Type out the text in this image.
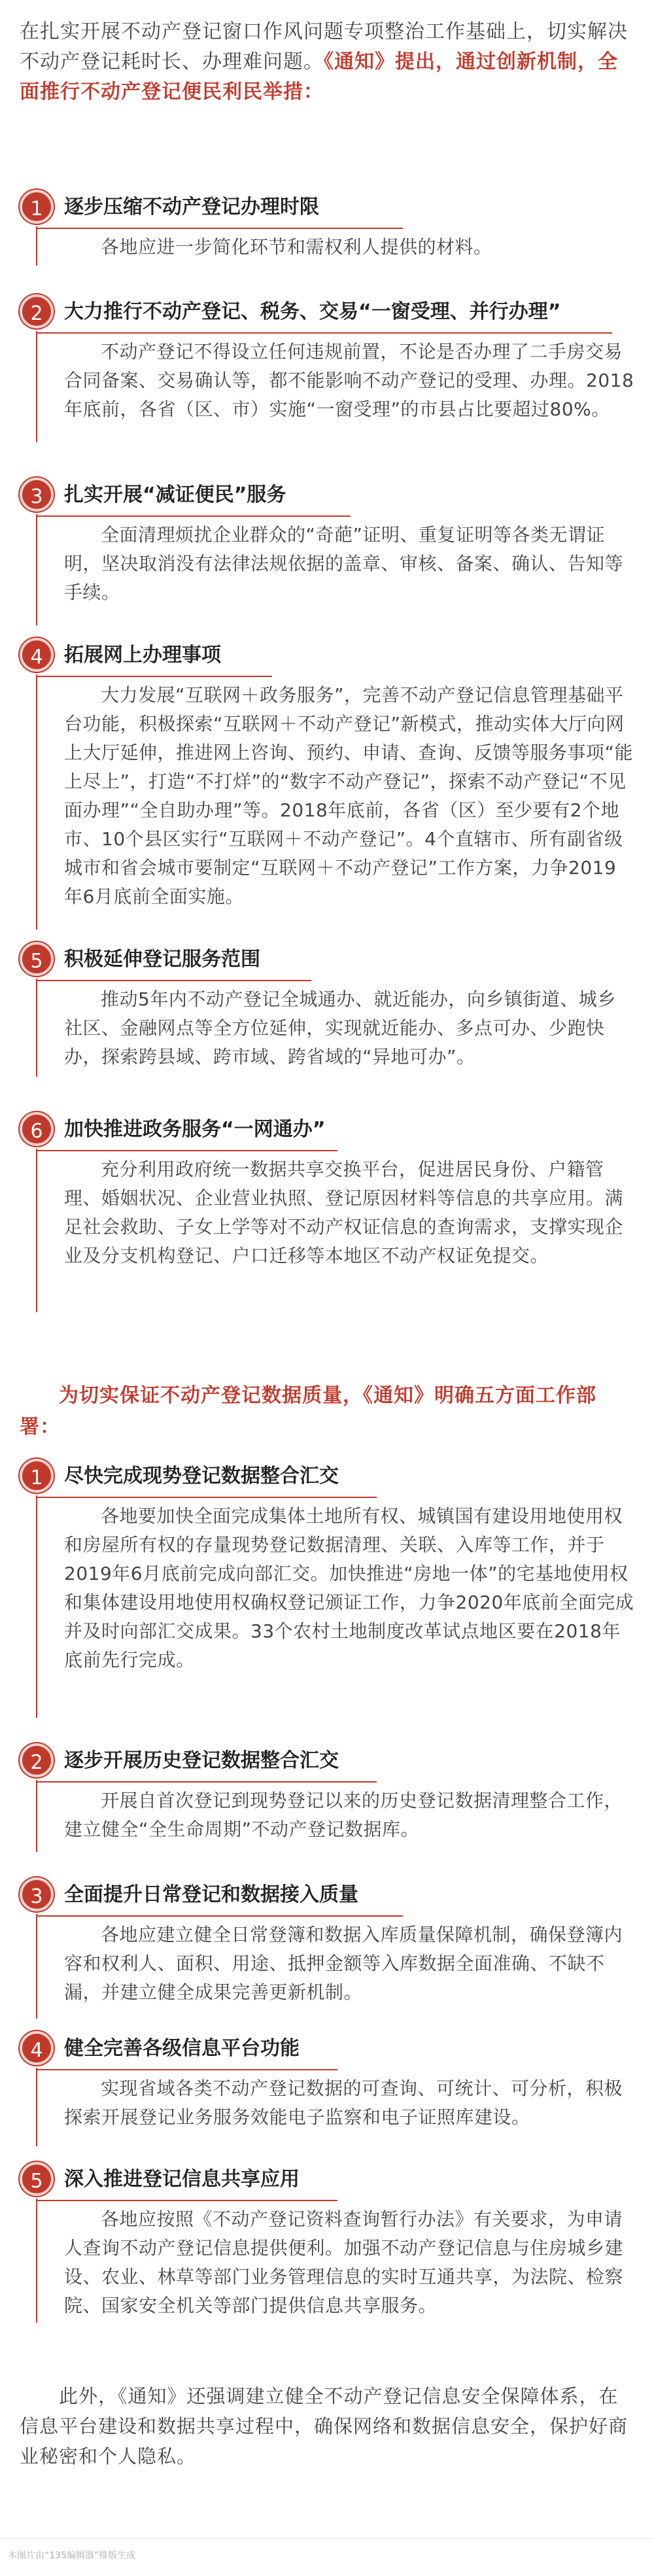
在扎实开展不动产登记窗口作风问题专项整治工作基础上，切实解决不动产登记耗时长、办理难问题。《通知》提出，通过创新机制，全面推行不动产登记便民利民举措：
1	逐步压缩不动产登记办理时限
各地应进一步简化环节和需权利人提供的材料。
2	大力推行不动产登记、税务、交易“一窗受理、并行办理”
不动产登记不得设立任何违规前置，不论是否办理了二手房交易合同备案、交易确认等，都不能影响不动产登记的受理、办理。2018年底前，各省（区、市）实施“一窗受理”的市县占比要超过80%。
3	扎实开展“减证便民”服务
全面清理烦扰企业群众的“奇葩”证明、重复证明等各类无谓证明，坚决取消没有法律法规依据的盖章、审核、备案、确认、告知等手续。
4	拓展网上办理事项
大力发展“互联网＋政务服务”，完善不动产登记信息管理基础平台功能，积极探索“互联网＋不动产登记”新模式，推动实体大厅向网上大厅延伸，推进网上咨询、预约、申请、查询、反馈等服务事项“能上尽上”，打造“不打烊”的“数字不动产登记”，探索不动产登记“不见面办理”“全自助办理”等。2018年底前，各省（区）至少要有2个地市、10个县区实行“互联网＋不动产登记”。4个直辖市、所有副省级城市和省会城市要制定“互联网＋不动产登记”工作方案，力争2019年6月底前全面实施。
5	积极延伸登记服务范围
推动5年内不动产登记全城通办、就近能办，向乡镇街道、城乡社区、金融网点等全方位延伸，实现就近能办、多点可办、少跑快办，探索跨县域、跨市域、跨省域的“异地可办”。
6	加快推进政务服务“一网通办”
充分利用政府统一数据共享交换平台，促进居民身份、户籍管理、婚姻状况、企业营业执照、登记原因材料等信息的共享应用。满足社会救助、子女上学等对不动产权证信息的查询需求，支撑实现企业及分支机构登记、户口迁移等本地区不动产权证免提交。
为切实保证不动产登记数据质量，《通知》明确五方面工作部署：
1	尽快完成现势登记数据整合汇交
各地要加快全面完成集体土地所有权、城镇国有建设用地使用权和房屋所有权的存量现势登记数据清理、关联、入库等工作，并于2019年6月底前完成向部汇交。加快推进“房地一体”的宅基地使用权和集体建设用地使用权确权登记颁证工作，力争2020年底前全面完成并及时向部汇交成果。33个农村土地制度改革试点地区要在2018年底前先行完成。
2	逐步开展历史登记数据整合汇交
开展自首次登记到现势登记以来的历史登记数据清理整合工作，建立健全“全生命周期”不动产登记数据库。
3	全面提升日常登记和数据接入质量
各地应建立健全日常登簿和数据入库质量保障机制，确保登簿内容和权利人、面积、用途、抵押金额等入库数据全面准确、不缺不漏，并建立健全成果完善更新机制。
4	健全完善各级信息平台功能
实现省域各类不动产登记数据的可查询、可统计、可分析，积极探索开展登记业务服务效能电子监察和电子证照库建设。
5	深入推进登记信息共享应用
各地应按照《不动产登记资料查询暂行办法》有关要求，为申请人查询不动产登记信息提供便利。加强不动产登记信息与住房城乡建设、农业、林草等部门业务管理信息的实时互通共享，为法院、检察院、国家安全机关等部门提供信息共享服务。
此外，《通知》还强调建立健全不动产登记信息安全保障体系，在信息平台建设和数据共享过程中，确保网络和数据信息安全，保护好商业秘密和个人隐私。
本图片由“135编辑器”排版生成
